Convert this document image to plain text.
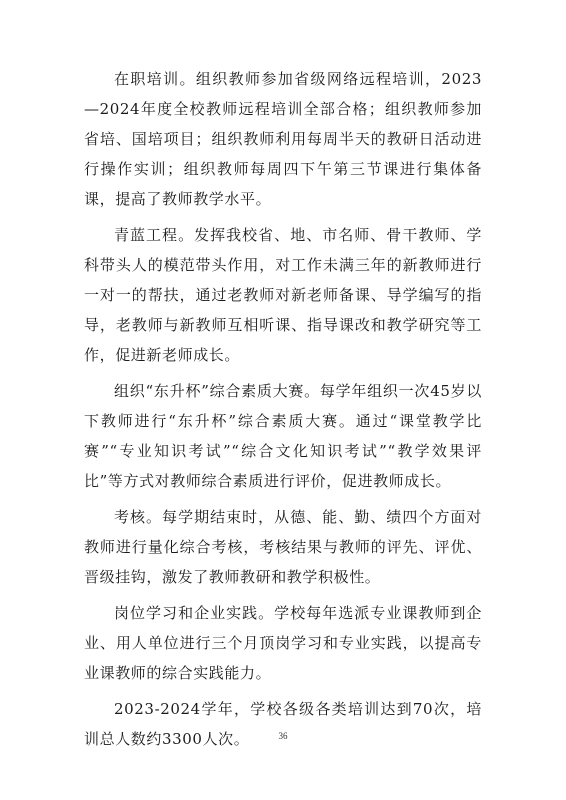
在职培训。组织教师参加省级网络远程培训，2023—2024年度全校教师远程培训全部合格；组织教师参加省培、国培项目；组织教师利用每周半天的教研日活动进行操作实训；组织教师每周四下午第三节课进行集体备课，提高了教师教学水平。

青蓝工程。发挥我校省、地、市名师、骨干教师、学科带头人的模范带头作用，对工作未满三年的新教师进行一对一的帮扶，通过老教师对新老师备课、导学编写的指导，老教师与新教师互相听课、指导课改和教学研究等工作，促进新老师成长。

组织“东升杯”综合素质大赛。每学年组织一次45岁以下教师进行“东升杯”综合素质大赛。通过“课堂教学比赛”“专业知识考试”“综合文化知识考试”“教学效果评比”等方式对教师综合素质进行评价，促进教师成长。

考核。每学期结束时，从德、能、勤、绩四个方面对教师进行量化综合考核，考核结果与教师的评先、评优、晋级挂钩，激发了教师教研和教学积极性。

岗位学习和企业实践。学校每年选派专业课教师到企业、用人单位进行三个月顶岗学习和专业实践，以提高专业课教师的综合实践能力。

2023-2024学年，学校各级各类培训达到70次，培训总人数约3300人次。	36
